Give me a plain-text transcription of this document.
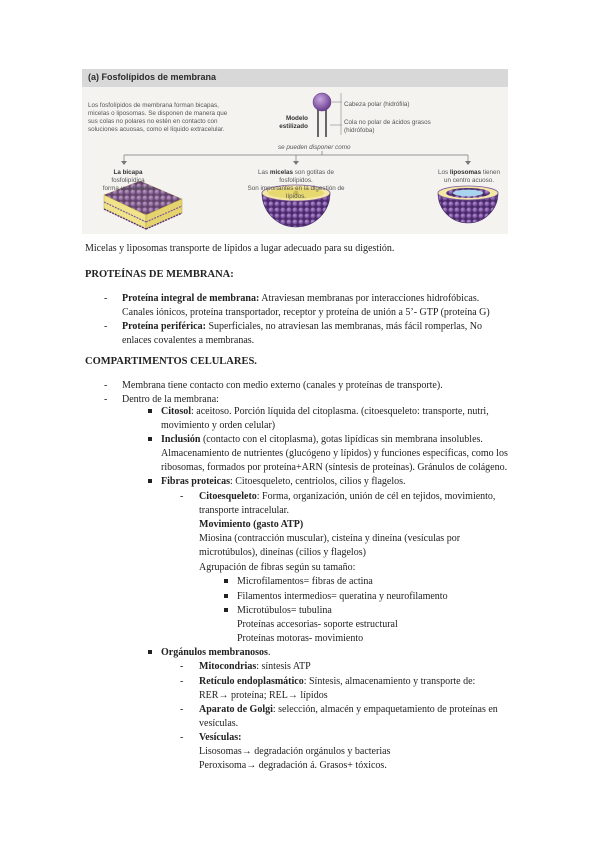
(a) Fosfolípidos de membrana
Los fosfolípidos de membrana forman bicapas,
micelas o liposomas. Se disponen de manera que
sus colas no polares no estén en contacto con
soluciones acuosas, como el líquido extracelular.
Modelo
estilizado
Cabeza polar (hidrófila)
Cola no polar de ácidos grasos
(hidrófoba)
se pueden disponer como
La bicapa fosfolipídica
forma una lámina.
Las micelas son gotitas de fosfolípidos.
Son importantes en la digestión de lípidos.
Los liposomas tienen
un centro acuoso.
Micelas y liposomas transporte de lípidos a lugar adecuado para su digestión.
PROTEÍNAS DE MEMBRANA:
- Proteína integral de membrana: Atraviesan membranas por interacciones hidrofóbicas.
Canales iónicos, proteína transportador, receptor y proteína de unión a 5’- GTP (proteína G)
- Proteína periférica: Superficiales, no atraviesan las membranas, más fácil romperlas, No
enlaces covalentes a membranas.
COMPARTIMENTOS CELULARES.
- Membrana tiene contacto con medio externo (canales y proteínas de transporte).
- Dentro de la membrana:
Citosol: aceitoso. Porción líquida del citoplasma. (citoesqueleto: transporte, nutri,
movimiento y orden celular)
Inclusión (contacto con el citoplasma), gotas lipídicas sin membrana insolubles.
Almacenamiento de nutrientes (glucógeno y lípidos) y funciones específicas, como los
ribosomas, formados por proteína+ARN (síntesis de proteínas). Gránulos de colágeno.
Fibras proteicas: Citoesqueleto, centriolos, cilios y flagelos.
- Citoesqueleto: Forma, organización, unión de cél en tejidos, movimiento,
transporte intracelular.
Movimiento (gasto ATP)
Miosina (contracción muscular), cisteína y dineína (vesículas por
microtúbulos), dineínas (cilios y flagelos)
Agrupación de fibras según su tamaño:
Microfilamentos= fibras de actina
Filamentos intermedios= queratina y neurofilamento
Microtúbulos= tubulina
Proteínas accesorias- soporte estructural
Proteínas motoras- movimiento
Orgánulos membranosos.
- Mitocondrias: síntesis ATP
- Retículo endoplasmático: Síntesis, almacenamiento y transporte de:
RER→ proteína; REL→ lípidos
- Aparato de Golgi: selección, almacén y empaquetamiento de proteínas en
vesículas.
- Vesículas:
Lisosomas→ degradación orgánulos y bacterias
Peroxisoma→ degradación á. Grasos+ tóxicos.
